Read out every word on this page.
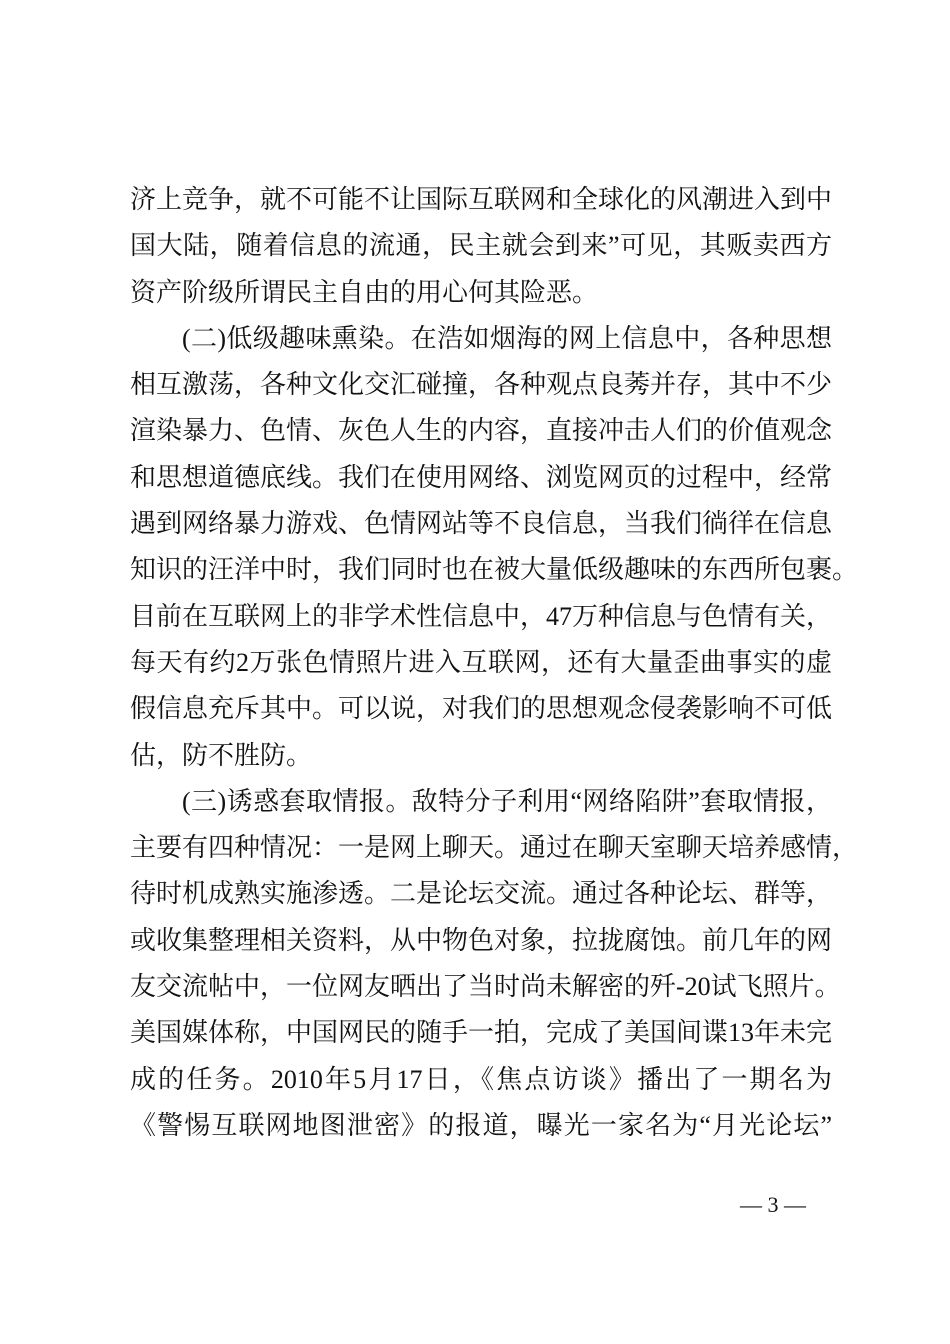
济上竞争，就不可能不让国际互联网和全球化的风潮进入到中
国大陆，随着信息的流通，民主就会到来”可见，其贩卖西方
资产阶级所谓民主自由的用心何其险恶。
(二)低级趣味熏染。在浩如烟海的网上信息中，各种思想
相互激荡，各种文化交汇碰撞，各种观点良莠并存，其中不少
渲染暴力、色情、灰色人生的内容，直接冲击人们的价值观念
和思想道德底线。我们在使用网络、浏览网页的过程中，经常
遇到网络暴力游戏、色情网站等不良信息，当我们徜徉在信息
知识的汪洋中时，我们同时也在被大量低级趣味的东西所包裹。
目前在互联网上的非学术性信息中，47万种信息与色情有关，
每天有约2万张色情照片进入互联网，还有大量歪曲事实的虚
假信息充斥其中。可以说，对我们的思想观念侵袭影响不可低
估，防不胜防。
(三)诱惑套取情报。敌特分子利用“网络陷阱”套取情报，
主要有四种情况：一是网上聊天。通过在聊天室聊天培养感情，
待时机成熟实施渗透。二是论坛交流。通过各种论坛、群等，
或收集整理相关资料，从中物色对象，拉拢腐蚀。前几年的网
友交流帖中，一位网友晒出了当时尚未解密的歼-20试飞照片。
美国媒体称，中国网民的随手一拍，完成了美国间谍13年未完
成的任务。2010年5月17日，《焦点访谈》播出了一期名为
《警惕互联网地图泄密》的报道，曝光一家名为“月光论坛”
— 3 —
